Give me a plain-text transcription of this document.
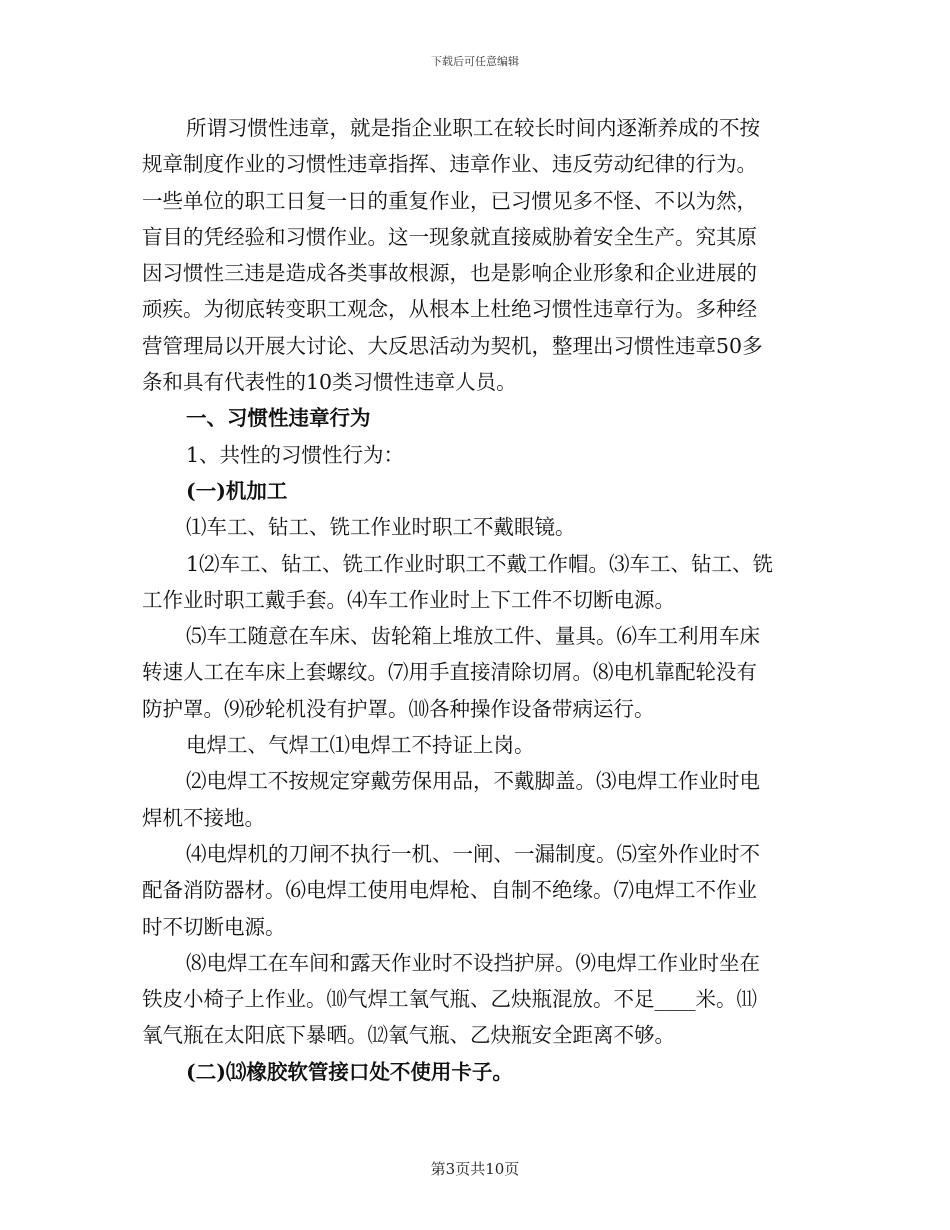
下载后可任意编辑

所谓习惯性违章，就是指企业职工在较长时间内逐渐养成的不按

规章制度作业的习惯性违章指挥、违章作业、违反劳动纪律的行为。

一些单位的职工日复一日的重复作业，已习惯见多不怪、不以为然，

盲目的凭经验和习惯作业。这一现象就直接威胁着安全生产。究其原

因习惯性三违是造成各类事故根源，也是影响企业形象和企业进展的

顽疾。为彻底转变职工观念，从根本上杜绝习惯性违章行为。多种经

营管理局以开展大讨论、大反思活动为契机，整理出习惯性违章50多

条和具有代表性的10类习惯性违章人员。

一、习惯性违章行为

1、共性的习惯性行为：

(一)机加工

⑴车工、钻工、铣工作业时职工不戴眼镜。

1⑵车工、钻工、铣工作业时职工不戴工作帽。⑶车工、钻工、铣

工作业时职工戴手套。⑷车工作业时上下工件不切断电源。

⑸车工随意在车床、齿轮箱上堆放工件、量具。⑹车工利用车床

转速人工在车床上套螺纹。⑺用手直接清除切屑。⑻电机靠配轮没有

防护罩。⑼砂轮机没有护罩。⑽各种操作设备带病运行。

电焊工、气焊工⑴电焊工不持证上岗。

⑵电焊工不按规定穿戴劳保用品，不戴脚盖。⑶电焊工作业时电

焊机不接地。

⑷电焊机的刀闸不执行一机、一闸、一漏制度。⑸室外作业时不

配备消防器材。⑹电焊工使用电焊枪、自制不绝缘。⑺电焊工不作业

时不切断电源。

⑻电焊工在车间和露天作业时不设挡护屏。⑼电焊工作业时坐在

铁皮小椅子上作业。⑽气焊工氧气瓶、乙炔瓶混放。不足____米。⑾

氧气瓶在太阳底下暴晒。⑿氧气瓶、乙炔瓶安全距离不够。

(二)⒀橡胶软管接口处不使用卡子。

第3页共10页
